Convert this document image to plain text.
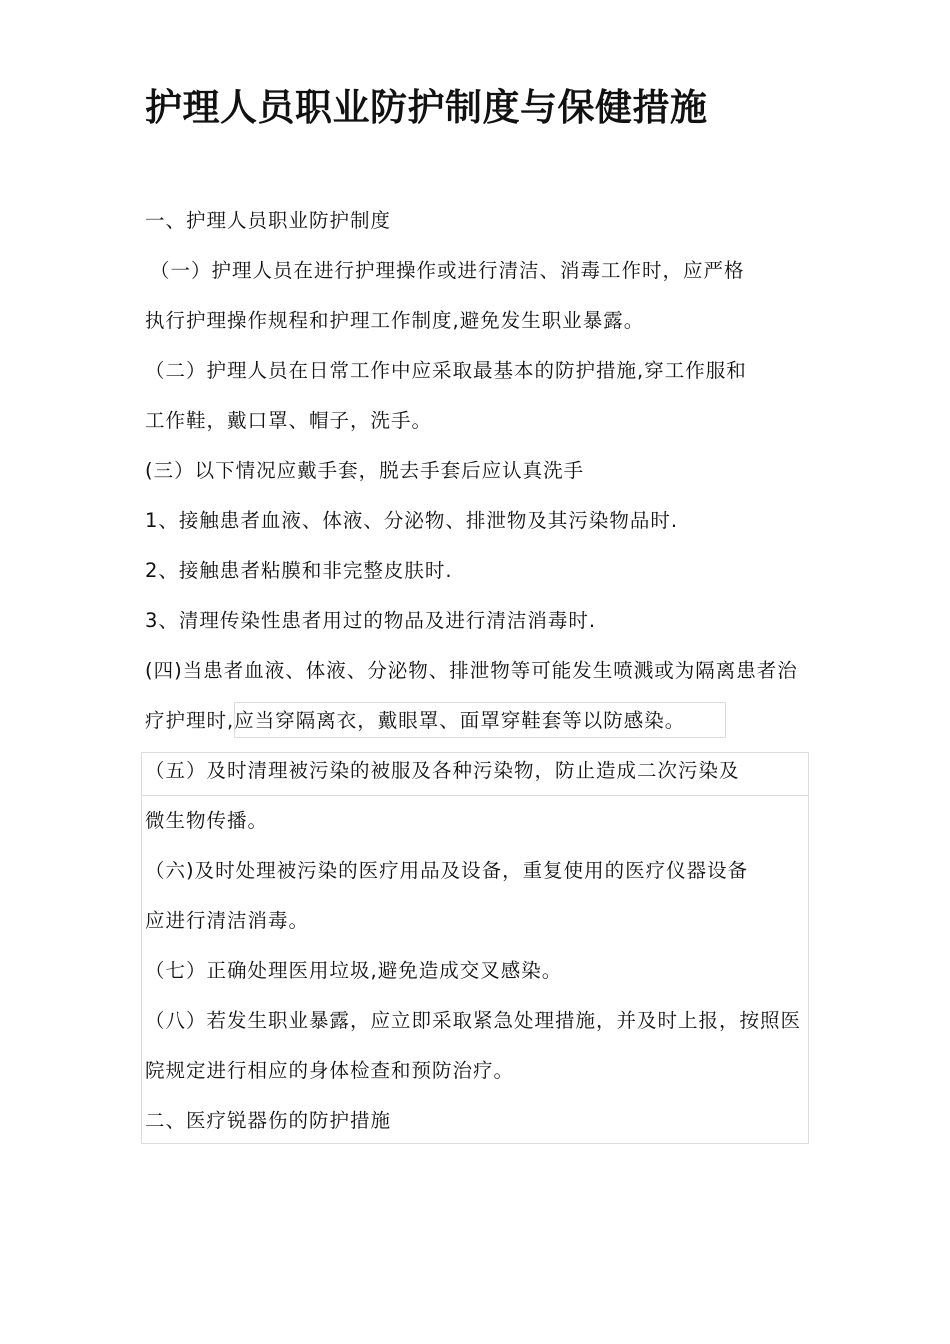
护理人员职业防护制度与保健措施
一、护理人员职业防护制度
（一）护理人员在进行护理操作或进行清洁、消毒工作时，应严格
执行护理操作规程和护理工作制度,避免发生职业暴露。
（二）护理人员在日常工作中应采取最基本的防护措施,穿工作服和
工作鞋，戴口罩、帽子，洗手。
(三）以下情况应戴手套，脱去手套后应认真洗手
1、接触患者血液、体液、分泌物、排泄物及其污染物品时.
2、接触患者粘膜和非完整皮肤时.
3、清理传染性患者用过的物品及进行清洁消毒时.
(四)当患者血液、体液、分泌物、排泄物等可能发生喷溅或为隔离患者治
疗护理时,应当穿隔离衣，戴眼罩、面罩穿鞋套等以防感染。
（五）及时清理被污染的被服及各种污染物，防止造成二次污染及
微生物传播。
（六)及时处理被污染的医疗用品及设备，重复使用的医疗仪器设备
应进行清洁消毒。
（七）正确处理医用垃圾,避免造成交叉感染。
（八）若发生职业暴露，应立即采取紧急处理措施，并及时上报，按照医
院规定进行相应的身体检查和预防治疗。
二、医疗锐器伤的防护措施
